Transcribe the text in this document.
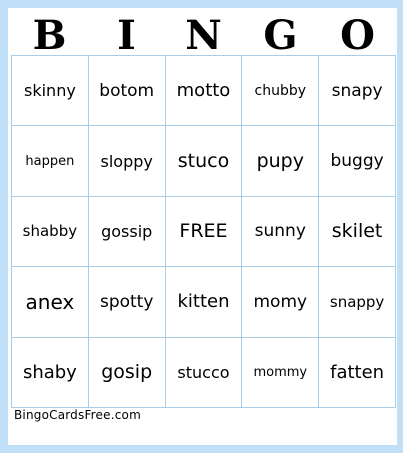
B	I	N	G	O
skinny botom motto chubby snapy
happen sloppy stuco pupy buggy
shabby gossip FREE sunny skilet
anex spotty kitten momy snappy
shaby gosip stucco mommy fatten
BingoCardsFree.com
